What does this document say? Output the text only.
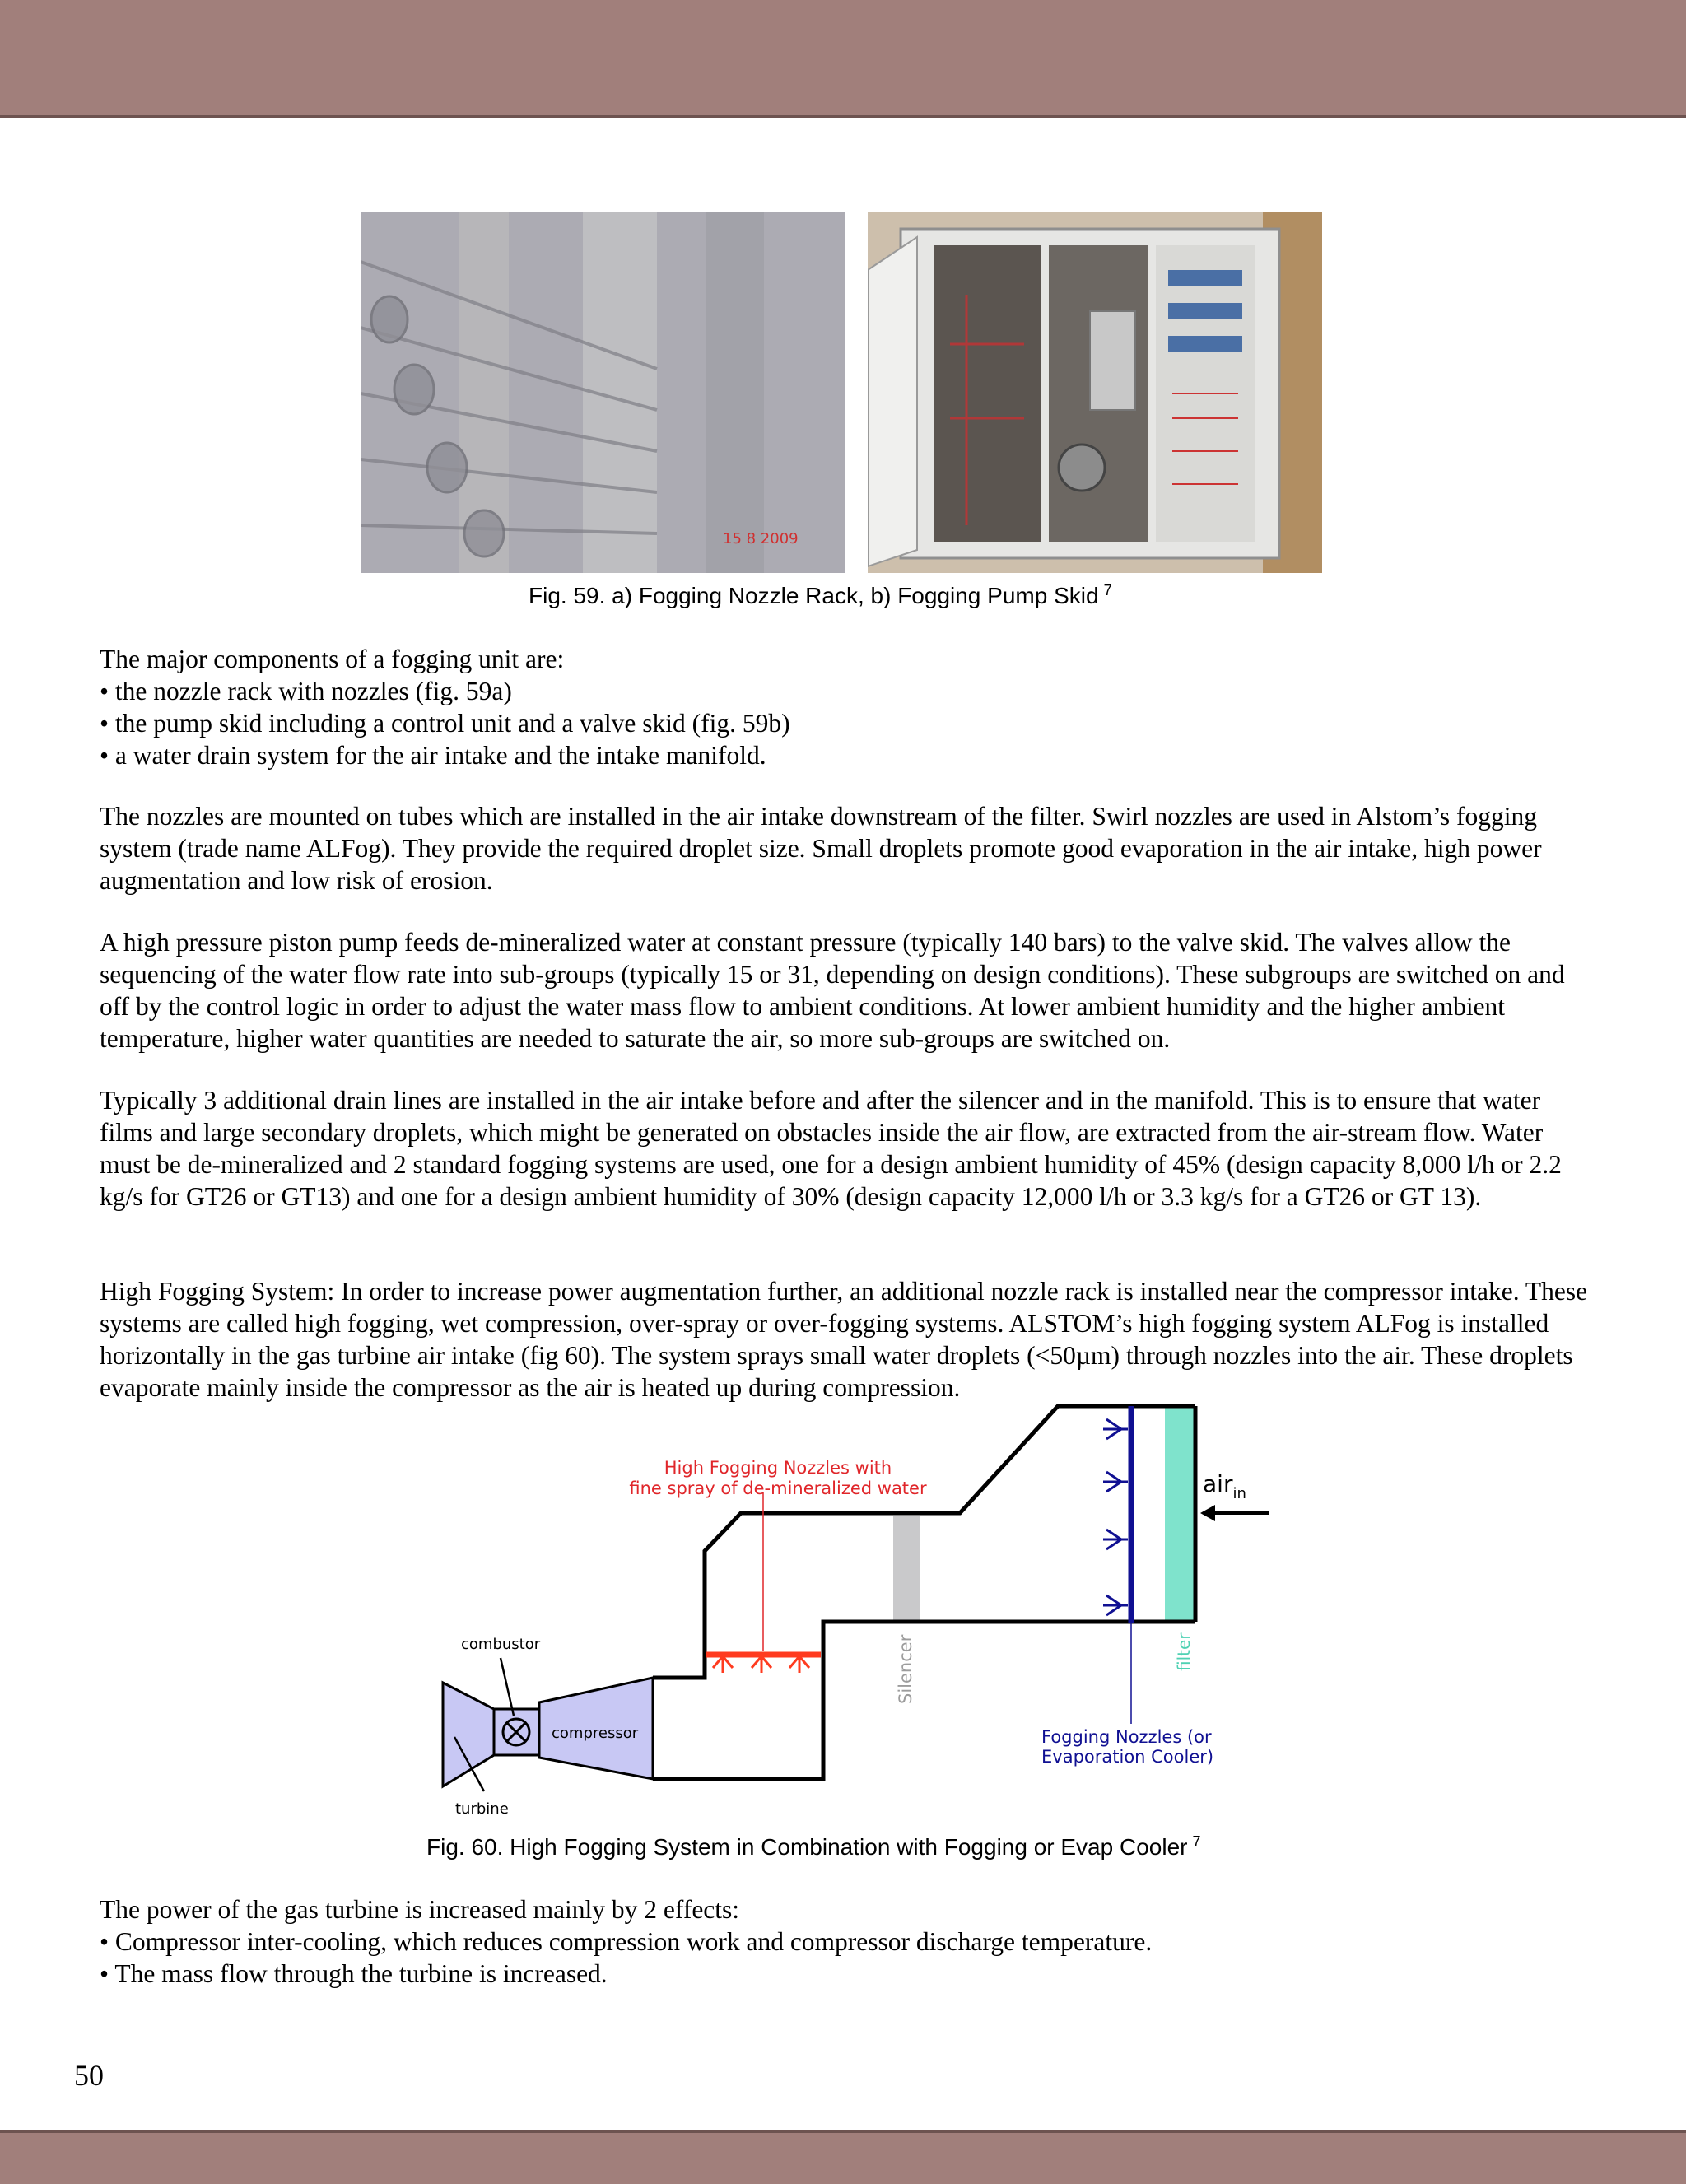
15 8 2009
Fig. 59. a) Fogging Nozzle Rack, b) Fogging Pump Skid $^7$

The major components of a fogging unit are:

• the nozzle rack with nozzles (fig. 59a)

• the pump skid including a control unit and a valve skid (fig. 59b)

• a water drain system for the air intake and the intake manifold.

The nozzles are mounted on tubes which are installed in the air intake downstream of the filter. Swirl nozzles are used in Alstom’s fogging system (trade name ALFog). They provide the required droplet size. Small droplets promote good evaporation in the air intake, high power augmentation and low risk of erosion.

A high pressure piston pump feeds de-mineralized water at constant pressure (typically 140 bars) to the valve skid. The valves allow the sequencing of the water flow rate into sub-groups (typically 15 or 31, depending on design conditions). These subgroups are switched on and off by the control logic in order to adjust the water mass flow to ambient conditions. At lower ambient humidity and the higher ambient temperature, higher water quantities are needed to saturate the air, so more sub-groups are switched on.

Typically 3 additional drain lines are installed in the air intake before and after the silencer and in the manifold. This is to ensure that water films and large secondary droplets, which might be generated on obstacles inside the air flow, are extracted from the air-stream flow. Water must be de-mineralized and 2 standard fogging systems are used, one for a design ambient humidity of 45% (design capacity 8,000 l/h or 2.2 kg/s for GT26 or GT13) and one for a design ambient humidity of 30% (design capacity 12,000 l/h or 3.3 kg/s for a GT26 or GT 13).

High Fogging System: In order to increase power augmentation further, an additional nozzle rack is installed near the compressor intake. These systems are called high fogging, wet compression, over-spray or over-fogging systems. ALSTOM’s high fogging system ALFog is installed horizontally in the gas turbine air intake (fig 60). The system sprays small water droplets (<50µm) through nozzles into the air. These droplets evaporate mainly inside the compressor as the air is heated up during compression.

High Fogging Nozzles with
fine spray of de-mineralized water	air$_{in}$
combustor
compressor
turbine
Silencer	filter
Fogging Nozzles (or
Evaporation Cooler)
Fig. 60. High Fogging System in Combination with Fogging or Evap Cooler $^7$

The power of the gas turbine is increased mainly by 2 effects:

• Compressor inter-cooling, which reduces compression work and compressor discharge temperature.

• The mass flow through the turbine is increased.

50
